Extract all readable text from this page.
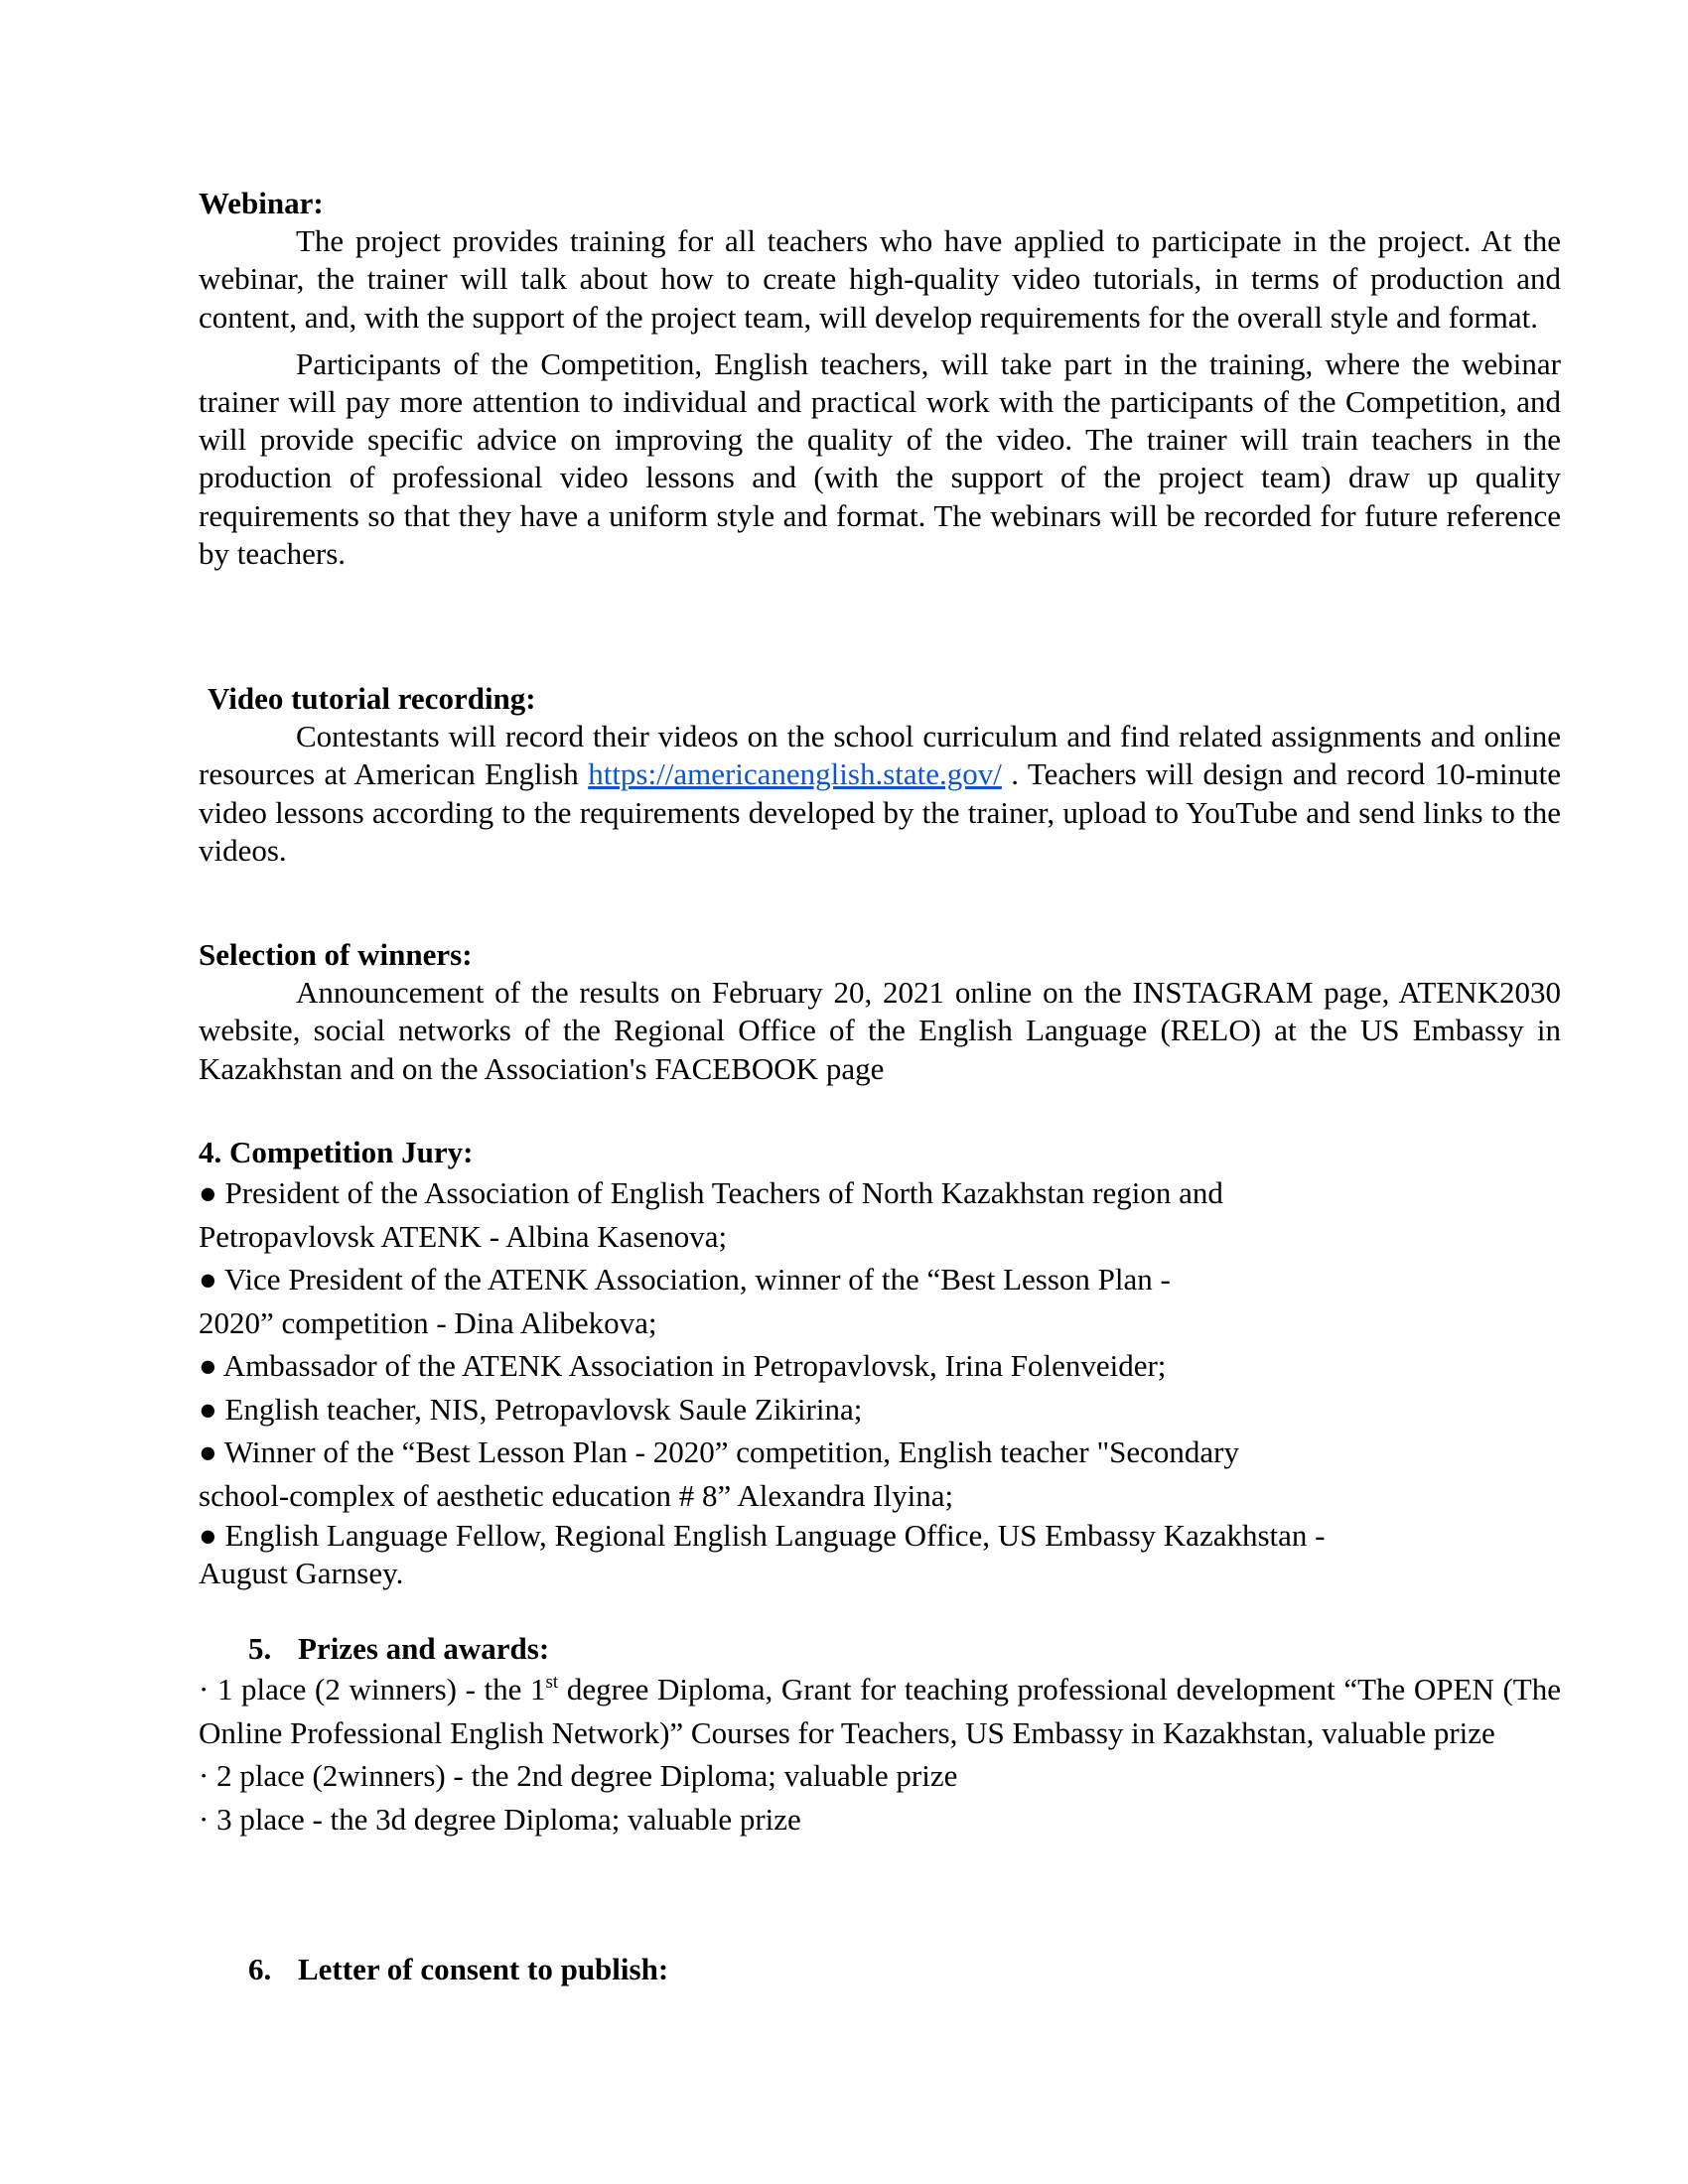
Webinar:

The project provides training for all teachers who have applied to participate in the project. At the webinar, the trainer will talk about how to create high-quality video tutorials, in terms of production and content, and, with the support of the project team, will develop requirements for the overall style and format.

Participants of the Competition, English teachers, will take part in the training, where the webinar trainer will pay more attention to individual and practical work with the participants of the Competition, and will provide specific advice on improving the quality of the video. The trainer will train teachers in the production of professional video lessons and (with the support of the project team) draw up quality requirements so that they have a uniform style and format. The webinars will be recorded for future reference by teachers.

Video tutorial recording:

Contestants will record their videos on the school curriculum and find related assignments and online resources at American English https://americanenglish.state.gov/ . Teachers will design and record 10-minute video lessons according to the requirements developed by the trainer, upload to YouTube and send links to the videos.

Selection of winners:

Announcement of the results on February 20, 2021 online on the INSTAGRAM page, ATENK2030 website, social networks of the Regional Office of the English Language (RELO) at the US Embassy in Kazakhstan and on the Association's FACEBOOK page

4. Competition Jury:

● President of the Association of English Teachers of North Kazakhstan region and
Petropavlovsk ATENK - Albina Kasenova;

● Vice President of the ATENK Association, winner of the “Best Lesson Plan -
2020” competition - Dina Alibekova;

● Ambassador of the ATENK Association in Petropavlovsk, Irina Folenveider;

● English teacher, NIS, Petropavlovsk Saule Zikirina;

● Winner of the “Best Lesson Plan - 2020” competition, English teacher "Secondary
school-complex of aesthetic education # 8” Alexandra Ilyina;

● English Language Fellow, Regional English Language Office, US Embassy Kazakhstan -
August Garnsey.

5. Prizes and awards:

· 1 place (2 winners) - the 1st degree Diploma, Grant for teaching professional development “The OPEN (The Online Professional English Network)” Courses for Teachers, US Embassy in Kazakhstan, valuable prize

· 2 place (2winners) - the 2nd degree Diploma; valuable prize

· 3 place - the 3d degree Diploma; valuable prize

6. Letter of consent to publish:
